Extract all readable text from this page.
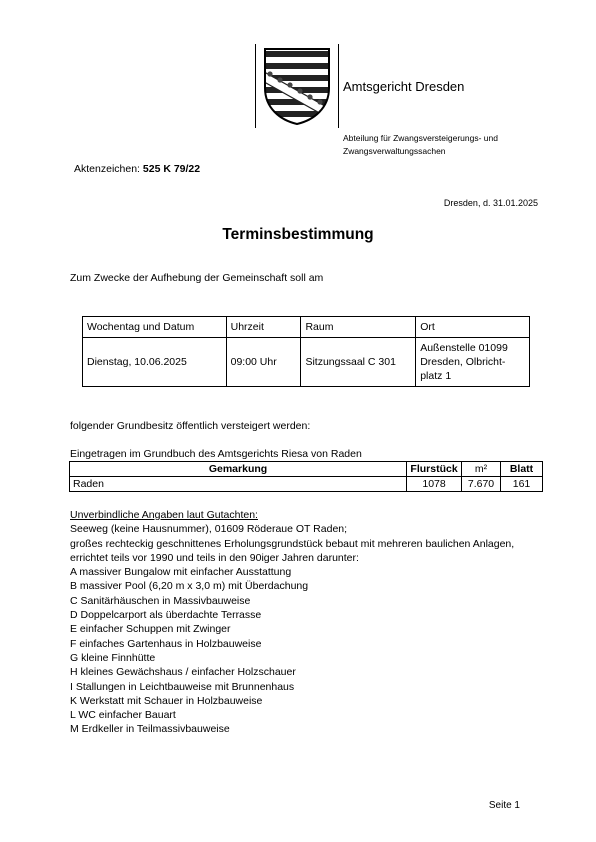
Amtsgericht Dresden
Abteilung für Zwangsversteigerungs- und Zwangsverwaltungssachen
Aktenzeichen: 525 K 79/22
Dresden, d. 31.01.2025
Terminsbestimmung
Zum Zwecke der Aufhebung der Gemeinschaft soll am
Wochentag und Datum	Uhrzeit	Raum	Ort
Dienstag, 10.06.2025	09:00 Uhr	Sitzungssaal C 301	Außenstelle 01099 Dresden, Olbricht- platz 1
folgender Grundbesitz öffentlich versteigert werden:
Eingetragen im Grundbuch des Amtsgerichts Riesa von Raden
Gemarkung	Flurstück	m²	Blatt
Raden	1078	7.670	161
Unverbindliche Angaben laut Gutachten:
Seeweg (keine Hausnummer), 01609 Röderaue OT Raden;
großes rechteckig geschnittenes Erholungsgrundstück bebaut mit mehreren baulichen Anlagen,
errichtet teils vor 1990 und teils in den 90iger Jahren darunter:
A massiver Bungalow mit einfacher Ausstattung
B massiver Pool (6,20 m x 3,0 m) mit Überdachung
C Sanitärhäuschen in Massivbauweise
D Doppelcarport als überdachte Terrasse
E einfacher Schuppen mit Zwinger
F einfaches Gartenhaus in Holzbauweise
G kleine Finnhütte
H kleines Gewächshaus / einfacher Holzschauer
I Stallungen in Leichtbauweise mit Brunnenhaus
K Werkstatt mit Schauer in Holzbauweise
L WC einfacher Bauart
M Erdkeller in Teilmassivbauweise
Seite 1
